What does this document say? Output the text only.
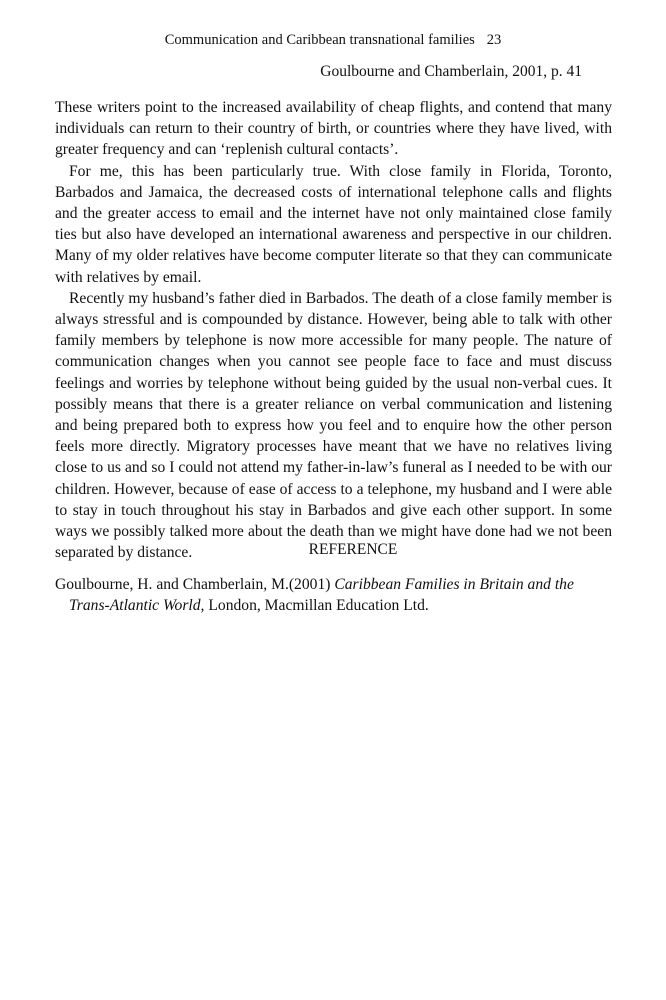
Communication and Caribbean transnational families 23
Goulbourne and Chamberlain, 2001, p. 41

These writers point to the increased availability of cheap flights, and contend that many individuals can return to their country of birth, or countries where they have lived, with greater frequency and can ‘replenish cultural contacts’.

For me, this has been particularly true. With close family in Florida, Toronto, Barbados and Jamaica, the decreased costs of international telephone calls and flights and the greater access to email and the internet have not only maintained close family ties but also have developed an international awareness and perspective in our children. Many of my older relatives have become computer literate so that they can communicate with relatives by email.

Recently my husband’s father died in Barbados. The death of a close family member is always stressful and is compounded by distance. However, being able to talk with other family members by telephone is now more accessible for many people. The nature of communication changes when you cannot see people face to face and must discuss feelings and worries by telephone without being guided by the usual non-verbal cues. It possibly means that there is a greater reliance on verbal communication and listening and being prepared both to express how you feel and to enquire how the other person feels more directly. Migratory processes have meant that we have no relatives living close to us and so I could not attend my father-in-law’s funeral as I needed to be with our children. However, because of ease of access to a telephone, my husband and I were able to stay in touch throughout his stay in Barbados and give each other support. In some ways we possibly talked more about the death than we might have done had we not been separated by distance.	REFERENCE

Goulbourne, H. and Chamberlain, M.(2001) Caribbean Families in Britain and the Trans-Atlantic World, London, Macmillan Education Ltd.
